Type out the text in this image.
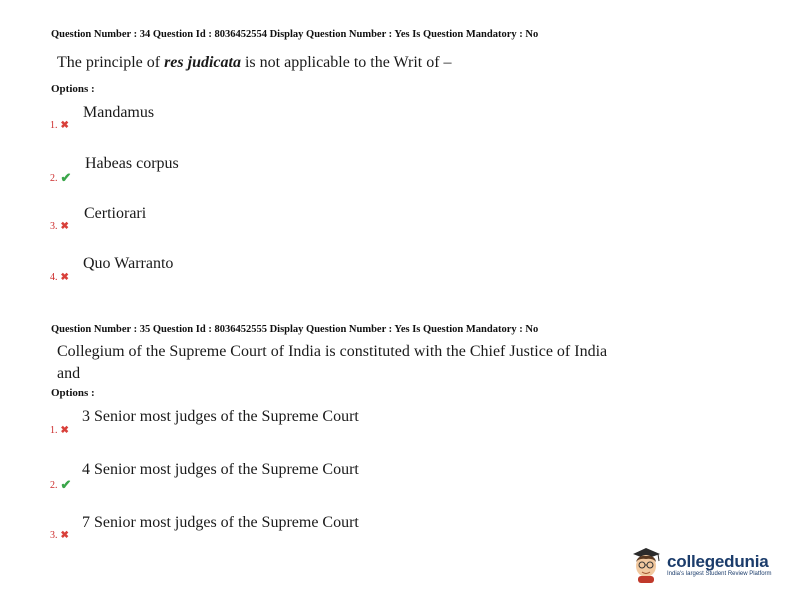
Question Number : 34 Question Id : 8036452554 Display Question Number : Yes Is Question Mandatory : No
The principle of res judicata is not applicable to the Writ of –
Options :
1. ✖
Mandamus
2. ✔
Habeas corpus
3. ✖
Certiorari
4. ✖
Quo Warranto
Question Number : 35 Question Id : 8036452555 Display Question Number : Yes Is Question Mandatory : No
Collegium of the Supreme Court of India is constituted with the Chief Justice of India
and
Options :
1. ✖
3 Senior most judges of the Supreme Court
2. ✔
4 Senior most judges of the Supreme Court
3. ✖
7 Senior most judges of the Supreme Court
collegedunia
India's largest Student Review Platform
